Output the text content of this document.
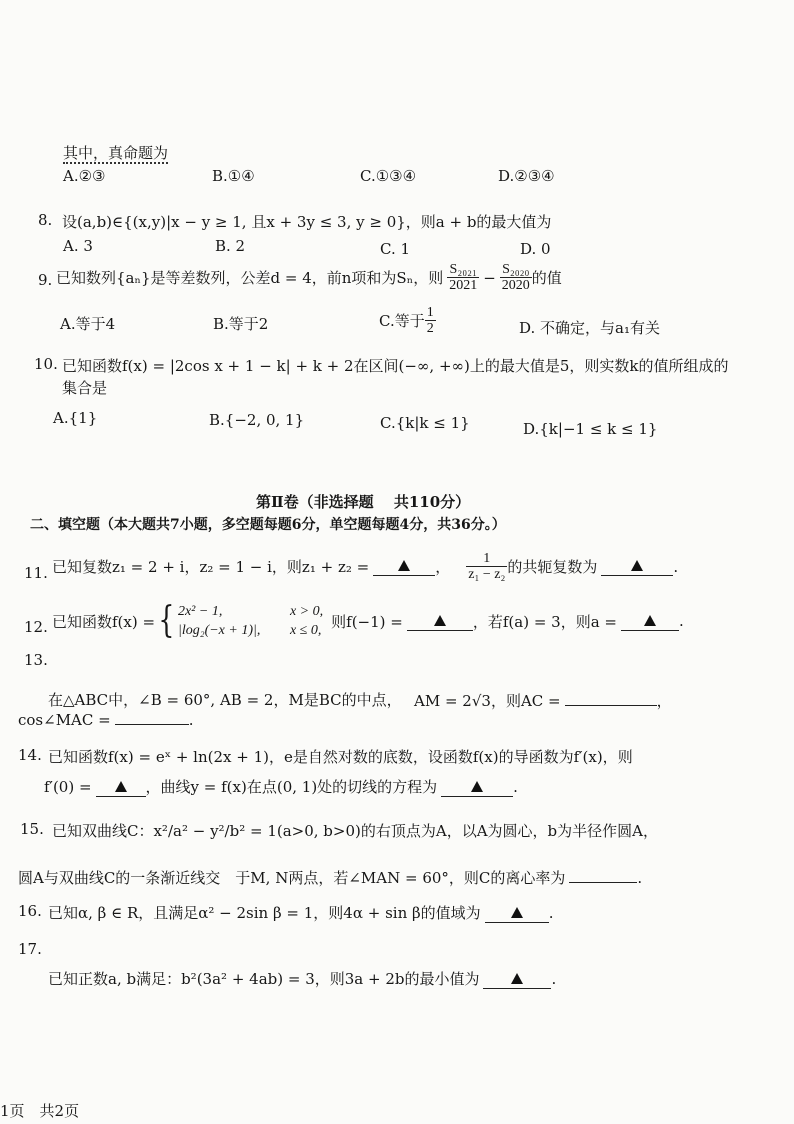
其中，真命题为
A.②③	B.①④	C.①③④	D.②③④
8. 设(a,b)∈{(x,y)|x − y ≥ 1, 且x + 3y ≤ 3, y ≥ 0}，则a + b的最大值为
A. 3	B. 2	C. 1	D. 0
9. 已知数列{aₙ}是等差数列，公差d = 4，前n项和为Sₙ，则 $\frac{\text{S₂₀₂₁}}{2021} - \frac{\text{S₂₀₂₀}}{2020}$ 的值
A.等于4	B.等于2	C.等于 $\frac{1}{2}$	D. 不确定，与a₁有关
10. 已知函数f(x) = |2cos x + 1 − k| + k + 2在区间(−∞, +∞)上的最大值是5，则实数k的值所组成的
集合是
A.{1}	B.{−2, 0, 1}	C.{k|k ≤ 1}	D.{k|−1 ≤ k ≤ 1}
第Ⅱ卷（非选择题　 共110分）
二、填空题（本大题共7小题，多空题每题6分，单空题每题4分，共36分。）
11. 已知复数z₁ = 2 + i，z₂ = 1 − i，则z₁ + z₂ =	， $\frac{1}{\text{z₁ − z₂}}$ 的共轭复数为	.
12. 已知函数f(x) = { 2x² − 1,	x > 0,
|log₂(−x + 1)|, x ≤ 0, 则f(−1) =	，若f(a) = 3，则a =	.
13.
在△ABC中，∠B = 60°, AB = 2，M是BC的中点， AM = 2√3，则AC =	，
cos∠MAC =	.
14. 已知函数f(x) = eˣ + ln(2x + 1)，e是自然对数的底数，设函数f(x)的导函数为f′(x)，则
f′(0) =	，曲线y = f(x)在点(0, 1)处的切线的方程为	.
15. 已知双曲线C：x²/a² − y²/b² = 1(a>0, b>0)的右顶点为A，以A为圆心，b为半径作圆A，
圆A与双曲线C的一条渐近线交　于M, N两点，若∠MAN = 60°，则C的离心率为	.
16. 已知α, β ∈ R，且满足α² − 2sin β = 1，则4α + sin β的值域为	.
17.
已知正数a, b满足：b²(3a² + 4ab) = 3，则3a + 2b的最小值为	.
1页　共2页
